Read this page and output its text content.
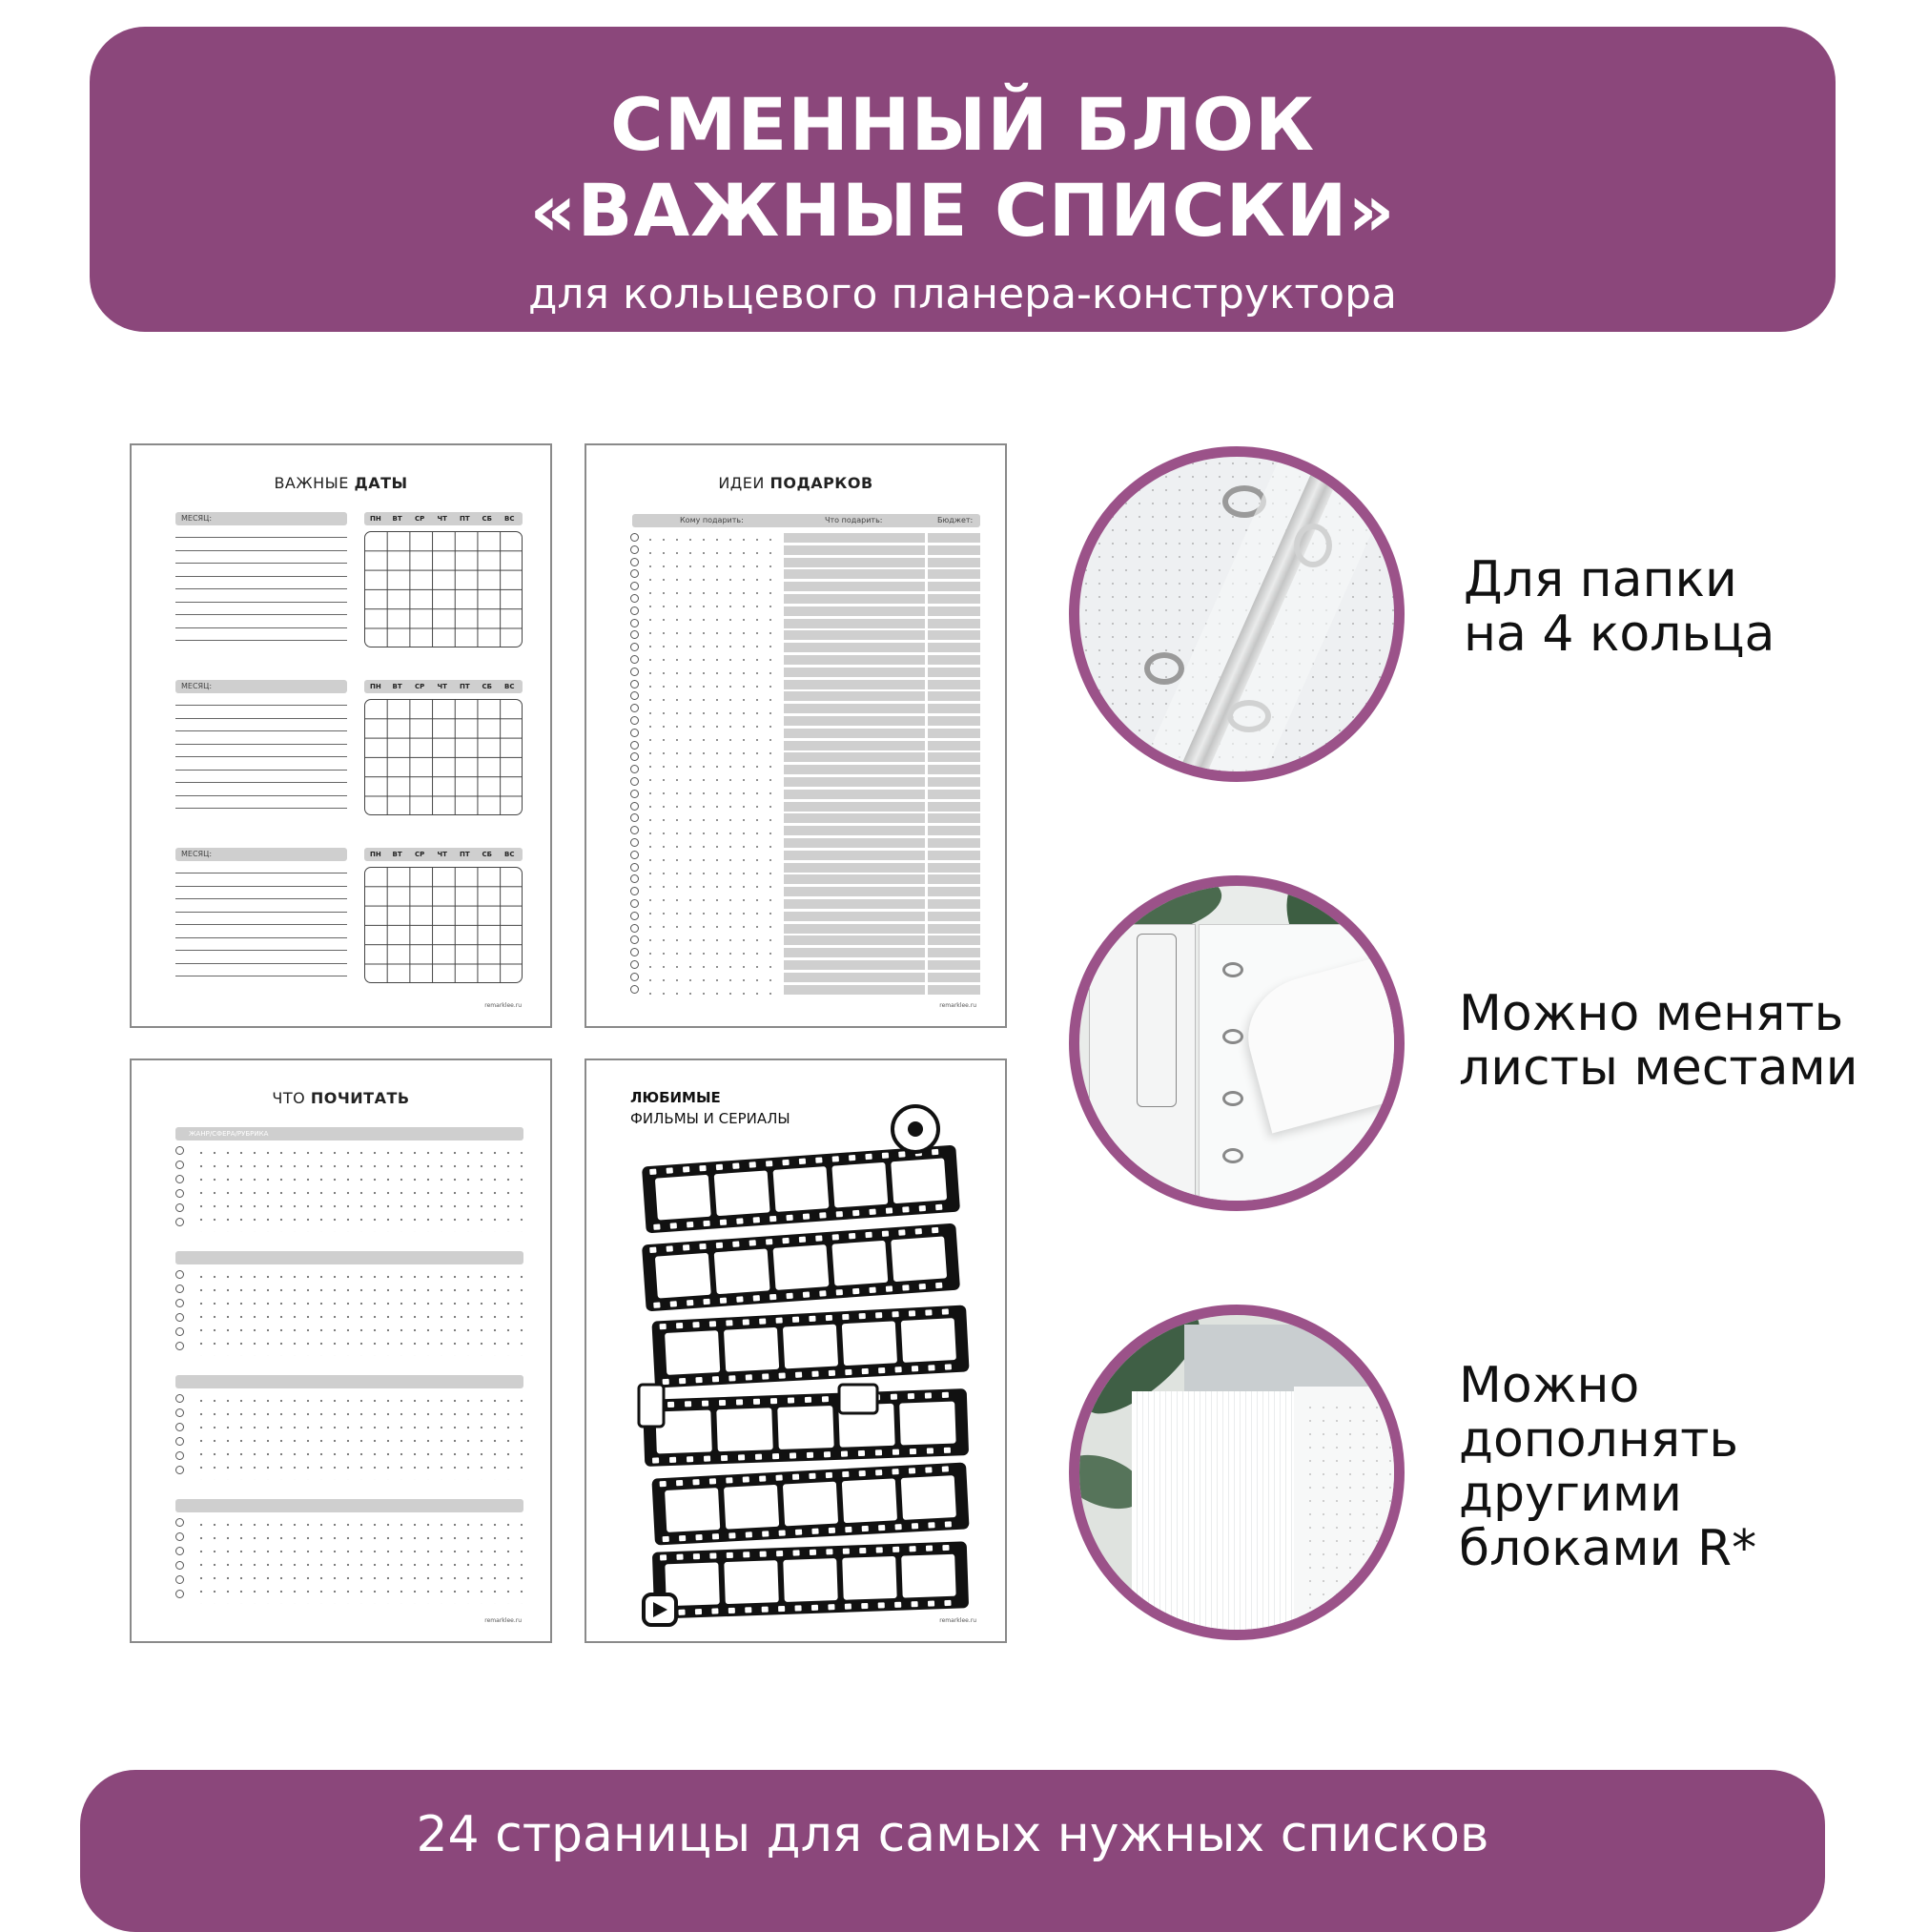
СМЕННЫЙ БЛОК
«ВАЖНЫЕ СПИСКИ»
для кольцевого планера-конструктора
ВАЖНЫЕ ДАТЫ
МЕСЯЦ:	ПН ВТ СР ЧТ ПТ СБ ВС
МЕСЯЦ:	ПН ВТ СР ЧТ ПТ СБ ВС
МЕСЯЦ:	ПН ВТ СР ЧТ ПТ СБ ВС
remarklee.ru
ИДЕИ ПОДАРКОВ
Кому подарить:	Что подарить:	Бюджет:
remarklee.ru
ЧТО ПОЧИТАТЬ
ЖАНР/СФЕРА/РУБРИКА
remarklee.ru
ЛЮБИМЫЕ
ФИЛЬМЫ И СЕРИАЛЫ
remarklee.ru
Для папки
на 4 кольца
Можно менять
листы местами
Можно
дополнять
другими
блоками R*
24 страницы для самых нужных списков
